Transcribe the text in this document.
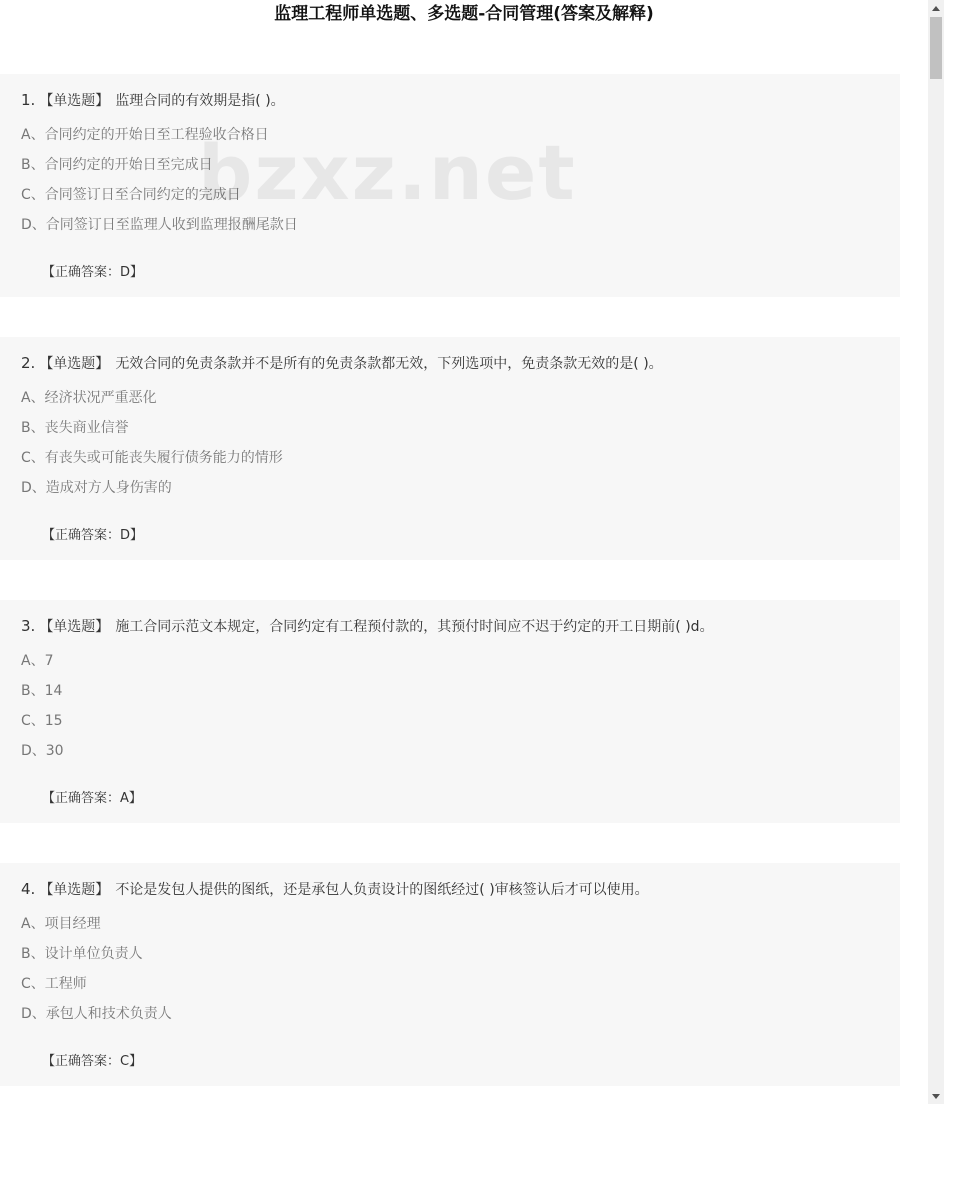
监理工程师单选题、多选题-合同管理(答案及解释)
1. 【单选题】 监理合同的有效期是指( )。
A、合同约定的开始日至工程验收合格日
B、合同约定的开始日至完成日
C、合同签订日至合同约定的完成日
D、合同签订日至监理人收到监理报酬尾款日
【正确答案：D】
2. 【单选题】 无效合同的免责条款并不是所有的免责条款都无效，下列选项中，免责条款无效的是( )。
A、经济状况严重恶化
B、丧失商业信誉
C、有丧失或可能丧失履行债务能力的情形
D、造成对方人身伤害的
【正确答案：D】
3. 【单选题】 施工合同示范文本规定，合同约定有工程预付款的，其预付时间应不迟于约定的开工日期前( )d。
A、7
B、14
C、15
D、30
【正确答案：A】
4. 【单选题】 不论是发包人提供的图纸，还是承包人负责设计的图纸经过( )审核签认后才可以使用。
A、项目经理
B、设计单位负责人
C、工程师
D、承包人和技术负责人
【正确答案：C】
